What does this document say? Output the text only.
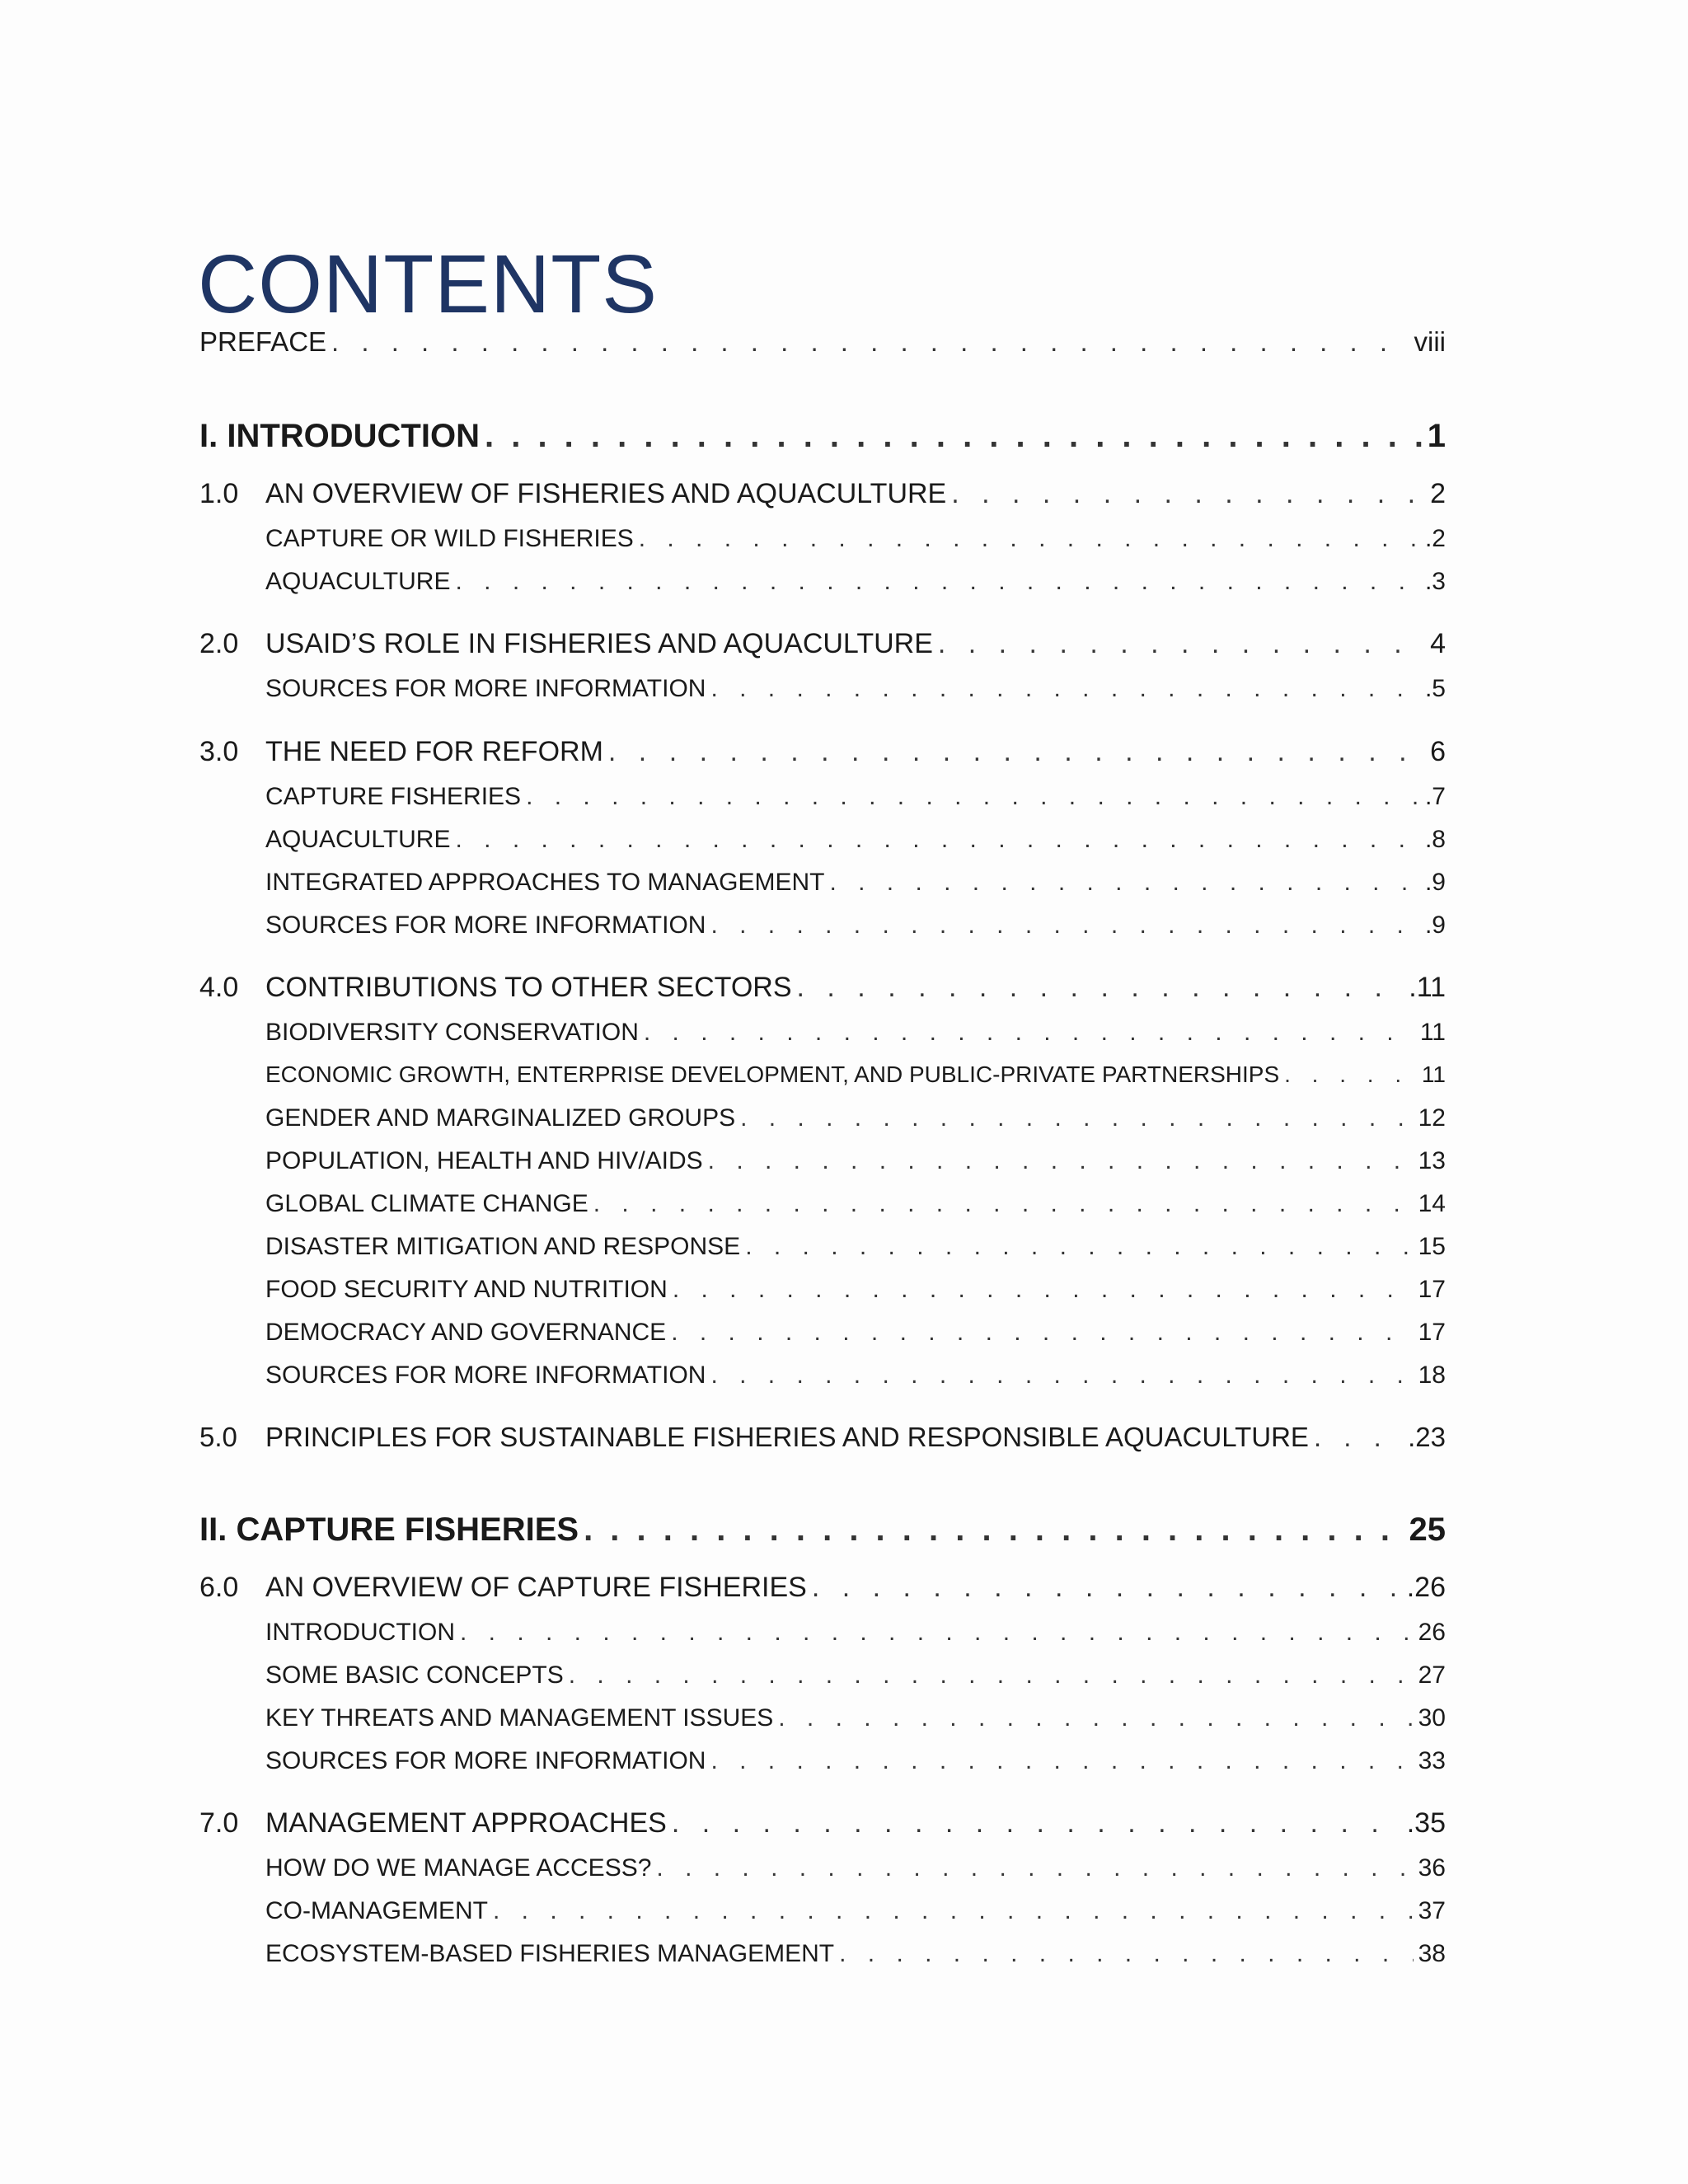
CONTENTS
PREFACE . . .	viii
I. INTRODUCTION . . .	1
1.0 AN OVERVIEW OF FISHERIES AND AQUACULTURE . . .	2
CAPTURE OR WILD FISHERIES . . .	.2
AQUACULTURE . . .	.3
2.0 USAID’S ROLE IN FISHERIES AND AQUACULTURE . . .	4
SOURCES FOR MORE INFORMATION . . .	.5
3.0 THE NEED FOR REFORM . . .	6
CAPTURE FISHERIES . . .	.7
AQUACULTURE . . .	.8
INTEGRATED APPROACHES TO MANAGEMENT . . .	.9
SOURCES FOR MORE INFORMATION . . .	.9
4.0 CONTRIBUTIONS TO OTHER SECTORS . . .	.11
BIODIVERSITY CONSERVATION . . .	11
ECONOMIC GROWTH, ENTERPRISE DEVELOPMENT, AND PUBLIC-PRIVATE PARTNERSHIPS . . .	11
GENDER AND MARGINALIZED GROUPS . . .	12
POPULATION, HEALTH AND HIV/AIDS . . .	13
GLOBAL CLIMATE CHANGE . . .	14
DISASTER MITIGATION AND RESPONSE . . .	15
FOOD SECURITY AND NUTRITION . . .	17
DEMOCRACY AND GOVERNANCE . . .	17
SOURCES FOR MORE INFORMATION . . .	18
5.0	PRINCIPLES FOR SUSTAINABLE FISHERIES AND RESPONSIBLE AQUACULTURE . . .	.23
II. CAPTURE FISHERIES . . .	25
6.0 AN OVERVIEW OF CAPTURE FISHERIES . . .	.26
INTRODUCTION . . .	26
SOME BASIC CONCEPTS . . .	27
KEY THREATS AND MANAGEMENT ISSUES . . .	30
SOURCES FOR MORE INFORMATION . . .	33
7.0 MANAGEMENT APPROACHES . . .	.35
HOW DO WE MANAGE ACCESS? . . .	36
CO-MANAGEMENT . . .	37
ECOSYSTEM-BASED FISHERIES MANAGEMENT . . .	38
